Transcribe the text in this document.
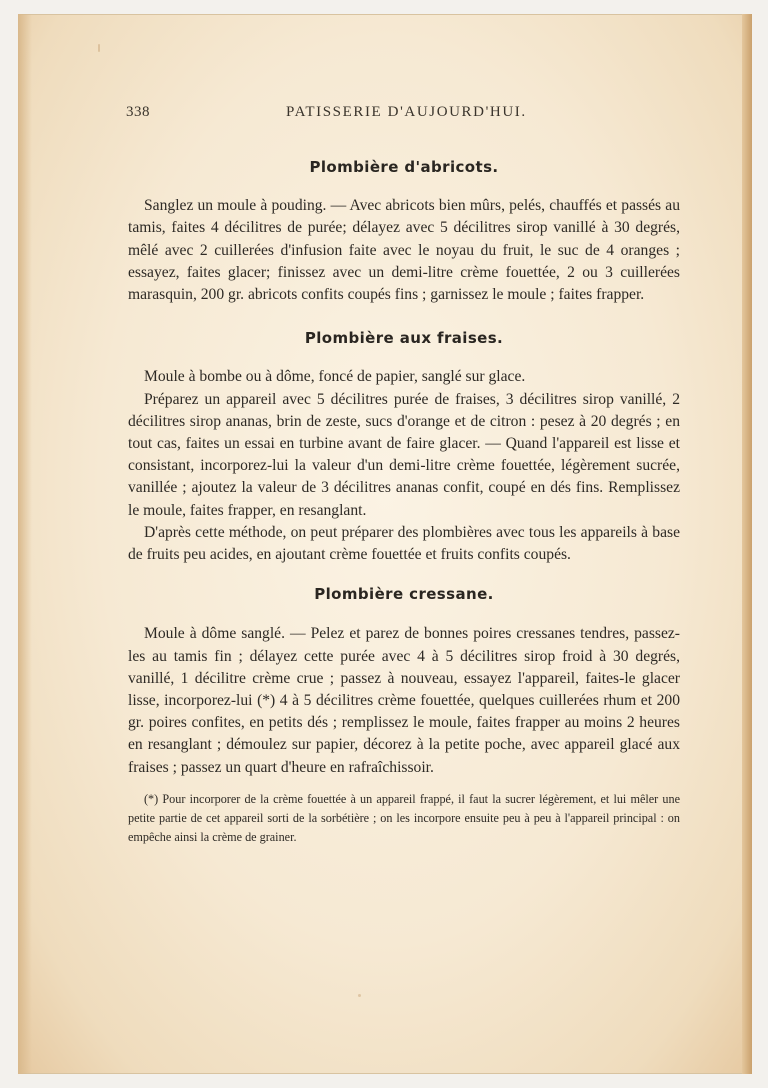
338	PATISSERIE D'AUJOURD'HUI.
Plombière d'abricots.

Sanglez un moule à pouding. — Avec abricots bien mûrs, pelés, chauffés et passés au tamis, faites 4 décilitres de purée; délayez avec 5 décilitres sirop vanillé à 30 degrés, mêlé avec 2 cuillerées d'infusion faite avec le noyau du fruit, le suc de 4 oranges ; essayez, faites glacer; finissez avec un demi-litre crème fouettée, 2 ou 3 cuillerées marasquin, 200 gr. abricots confits coupés fins ; garnissez le moule ; faites frapper.

Plombière aux fraises.

Moule à bombe ou à dôme, foncé de papier, sanglé sur glace.

Préparez un appareil avec 5 décilitres purée de fraises, 3 décilitres sirop vanillé, 2 décilitres sirop ananas, brin de zeste, sucs d'orange et de citron : pesez à 20 degrés ; en tout cas, faites un essai en turbine avant de faire glacer. — Quand l'appareil est lisse et consistant, incorporez-lui la valeur d'un demi-litre crème fouettée, légèrement sucrée, vanillée ; ajoutez la valeur de 3 décilitres ananas confit, coupé en dés fins. Remplissez le moule, faites frapper, en resanglant.

D'après cette méthode, on peut préparer des plombières avec tous les appareils à base de fruits peu acides, en ajoutant crème fouettée et fruits confits coupés.

Plombière cressane.

Moule à dôme sanglé. — Pelez et parez de bonnes poires cressanes tendres, passez-les au tamis fin ; délayez cette purée avec 4 à 5 décilitres sirop froid à 30 degrés, vanillé, 1 décilitre crème crue ; passez à nouveau, essayez l'appareil, faites-le glacer lisse, incorporez-lui (*) 4 à 5 décilitres crème fouettée, quelques cuillerées rhum et 200 gr. poires confites, en petits dés ; remplissez le moule, faites frapper au moins 2 heures en resanglant ; démoulez sur papier, décorez à la petite poche, avec appareil glacé aux fraises ; passez un quart d'heure en rafraîchissoir.

(*) Pour incorporer de la crème fouettée à un appareil frappé, il faut la sucrer légèrement, et lui mêler une petite partie de cet appareil sorti de la sorbétière ; on les incorpore ensuite peu à peu à l'appareil principal : on empêche ainsi la crème de grainer.
